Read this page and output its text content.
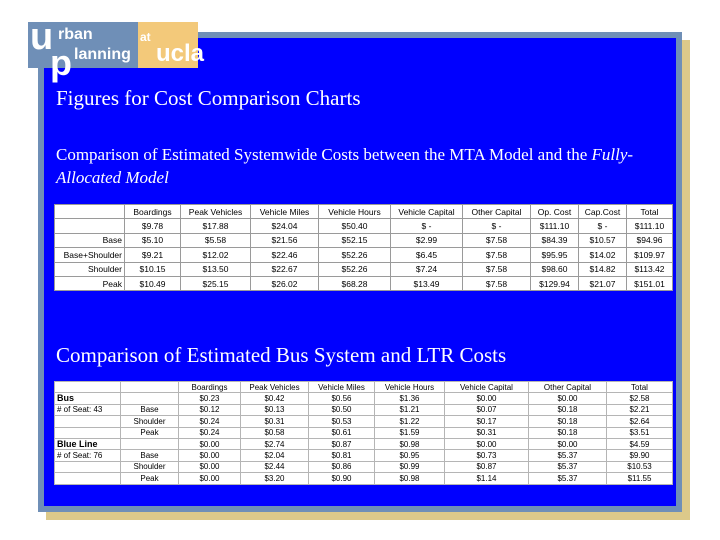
u
p
rban
lanning
at
ucla
Figures for Cost Comparison Charts
Comparison of Estimated Systemwide Costs between the MTA Model and the Fully-Allocated Model
	Boardings	Peak Vehicles	Vehicle Miles	Vehicle Hours	Vehicle Capital	Other Capital	Op. Cost	Cap.Cost	Total
	$9.78	$17.88	$24.04	$50.40	$ -	$ -	$111.10	$ -	$111.10
Base	$5.10	$5.58	$21.56	$52.15	$2.99	$7.58	$84.39	$10.57	$94.96
Base+Shoulder	$9.21	$12.02	$22.46	$52.26	$6.45	$7.58	$95.95	$14.02	$109.97
Shoulder	$10.15	$13.50	$22.67	$52.26	$7.24	$7.58	$98.60	$14.82	$113.42
Peak	$10.49	$25.15	$26.02	$68.28	$13.49	$7.58	$129.94	$21.07	$151.01
Comparison of Estimated Bus System and LTR Costs
		Boardings	Peak Vehicles	Vehicle Miles	Vehicle Hours	Vehicle Capital	Other Capital	Total
Bus		$0.23	$0.42	$0.56	$1.36	$0.00	$0.00	$2.58
# of Seat: 43	Base	$0.12	$0.13	$0.50	$1.21	$0.07	$0.18	$2.21
	Shoulder	$0.24	$0.31	$0.53	$1.22	$0.17	$0.18	$2.64
	Peak	$0.24	$0.58	$0.61	$1.59	$0.31	$0.18	$3.51
Blue Line		$0.00	$2.74	$0.87	$0.98	$0.00	$0.00	$4.59
# of Seat: 76	Base	$0.00	$2.04	$0.81	$0.95	$0.73	$5.37	$9.90
	Shoulder	$0.00	$2.44	$0.86	$0.99	$0.87	$5.37	$10.53
	Peak	$0.00	$3.20	$0.90	$0.98	$1.14	$5.37	$11.55
